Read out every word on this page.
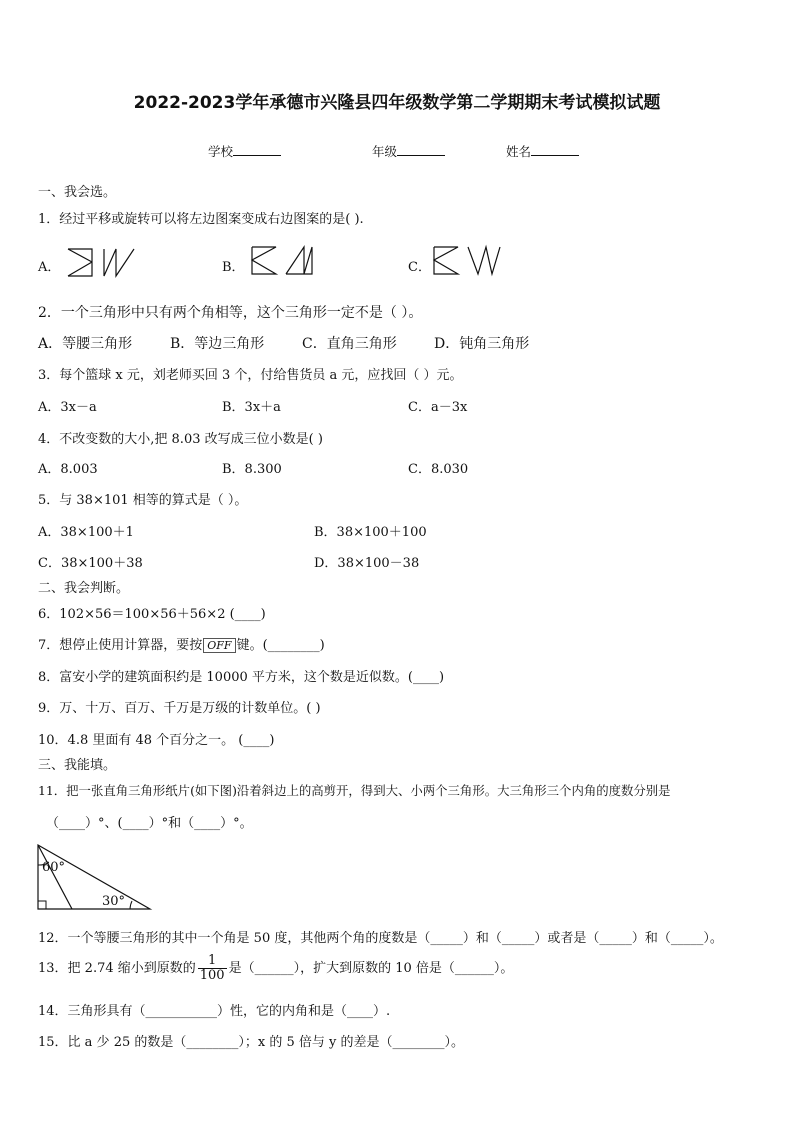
2022-2023学年承德市兴隆县四年级数学第二学期期末考试模拟试题
学校	年级	姓名
一、我会选。
1．经过平移或旋转可以将左边图案变成右边图案的是( ).
A．	B．	C．
2．一个三角形中只有两个角相等，这个三角形一定不是（ ）。
A．等腰三角形	B．等边三角形	C．直角三角形	D．钝角三角形
3．每个篮球 x 元，刘老师买回 3 个，付给售货员 a 元，应找回（ ）元。
A．3x－a	B．3x＋a	C．a－3x
4．不改变数的大小,把 8.03 改写成三位小数是( )
A．8.003	B．8.300	C．8.030
5．与 38×101 相等的算式是（ ）。
A．38×100＋1	B．38×100＋100
C．38×100＋38	D．38×100－38
二、我会判断。
6．102×56＝100×56＋56×2 (____)
7．想停止使用计算器，要按 OFF 键。(________)
8．富安小学的建筑面积约是 10000 平方米，这个数是近似数。(____)
9．万、十万、百万、千万是万级的计数单位。( )
10．4.8 里面有 48 个百分之一。 (____)
三、我能填。
11．把一张直角三角形纸片(如下图)沿着斜边上的高剪开，得到大、小两个三角形。大三角形三个内角的度数分别是
（____）°、(____）°和（____）°。
60°
30°
12．一个等腰三角形的其中一个角是 50 度，其他两个角的度数是（_____）和（_____）或者是（_____）和（_____）。
13．把 2.74 缩小到原数的 $\frac{1}{100}$ 是（______），扩大到原数的 10 倍是（______）。
14．三角形具有（___________）性，它的内角和是（____）.
15．比 a 少 25 的数是（________）；x 的 5 倍与 y 的差是（________）。
